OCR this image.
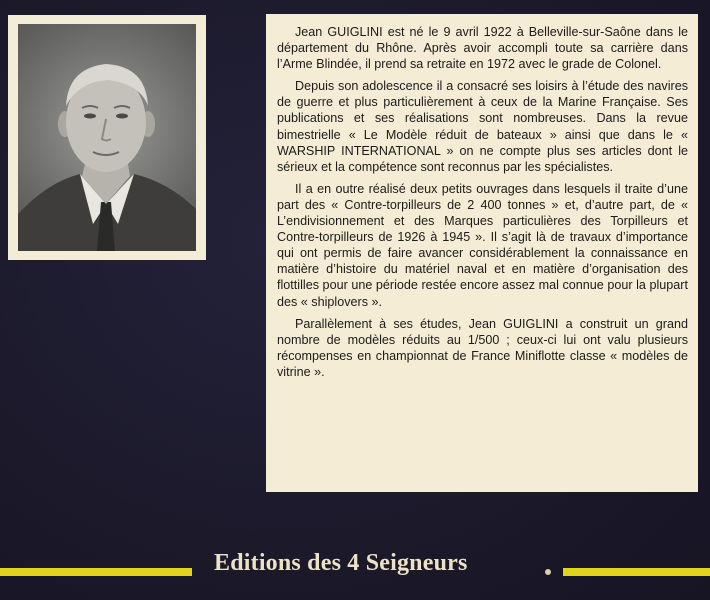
Jean GUIGLINI est né le 9 avril 1922 à Belleville-sur-Saône dans le département du Rhône. Après avoir accompli toute sa carrière dans l’Arme Blindée, il prend sa retraite en 1972 avec le grade de Colonel.

Depuis son adolescence il a consacré ses loisirs à l’étude des navires de guerre et plus particulièrement à ceux de la Marine Française. Ses publications et ses réalisations sont nombreuses. Dans la revue bimestrielle « Le Modèle réduit de bateaux » ainsi que dans le « WARSHIP INTERNATIONAL » on ne compte plus ses articles dont le sérieux et la compétence sont reconnus par les spécialistes.

Il a en outre réalisé deux petits ouvrages dans lesquels il traite d’une part des « Contre-torpilleurs de 2 400 tonnes » et, d’autre part, de « L’endivisionnement et des Marques particulières des Torpilleurs et Contre-torpilleurs de 1926 à 1945 ». Il s’agit là de travaux d’importance qui ont permis de faire avancer considérablement la connaissance en matière d’histoire du matériel naval et en matière d’organisation des flottilles pour une période restée encore assez mal connue pour la plupart des « shiplovers ».

Parallèlement à ses études, Jean GUIGLINI a construit un grand nombre de modèles réduits au 1/500 ; ceux-ci lui ont valu plusieurs récompenses en championnat de France Miniflotte classe « modèles de vitrine ».

Editions des 4 Seigneurs
